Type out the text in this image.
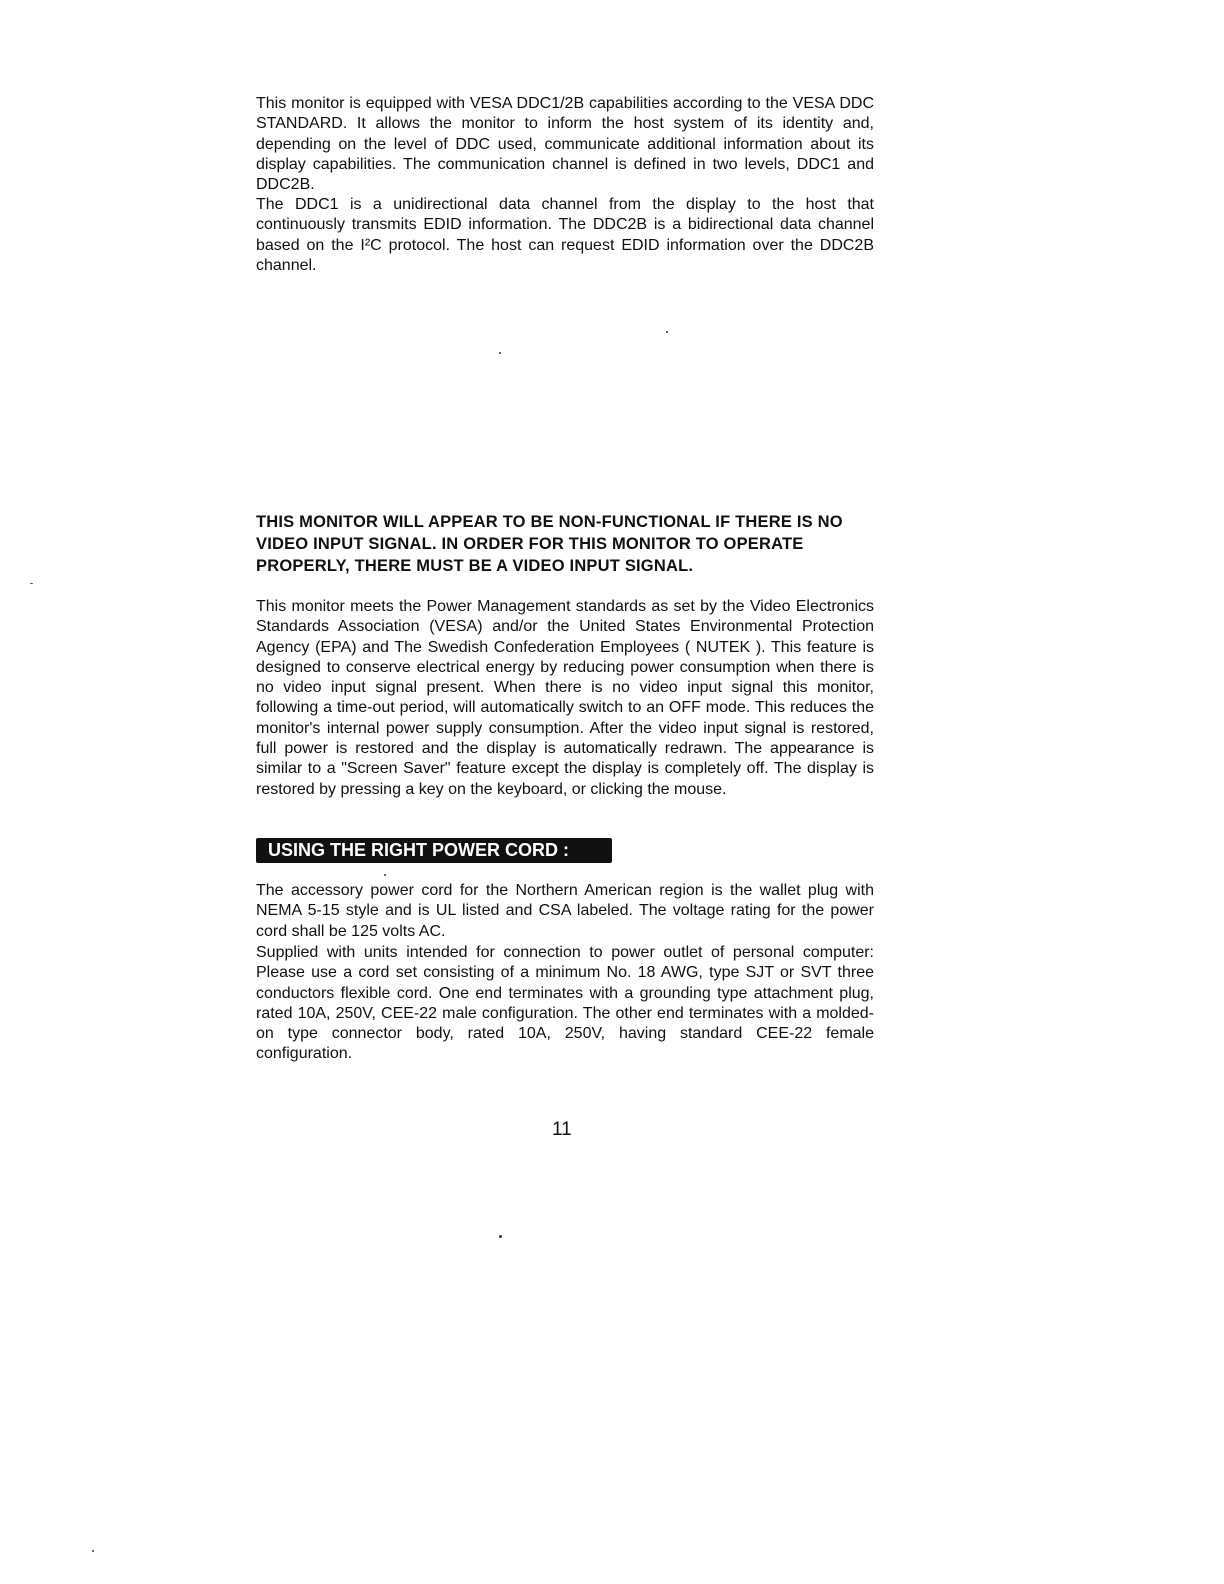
This monitor is equipped with VESA DDC1/2B capabilities according to the VESA DDC STANDARD. It allows the monitor to inform the host system of its identity and, depending on the level of DDC used, communicate additional information about its display capabilities. The communication channel is defined in two levels, DDC1 and DDC2B.

The DDC1 is a unidirectional data channel from the display to the host that continuously transmits EDID information. The DDC2B is a bidirectional data channel based on the I²C protocol. The host can request EDID information over the DDC2B channel.

THIS MONITOR WILL APPEAR TO BE NON-FUNCTIONAL IF THERE IS NO VIDEO INPUT SIGNAL. IN ORDER FOR THIS MONITOR TO OPERATE PROPERLY, THERE MUST BE A VIDEO INPUT SIGNAL.

This monitor meets the Power Management standards as set by the Video Electronics Standards Association (VESA) and/or the United States Environmental Protection Agency (EPA) and The Swedish Confederation Employees ( NUTEK ). This feature is designed to conserve electrical energy by reducing power consumption when there is no video input signal present. When there is no video input signal this monitor, following a time-out period, will automatically switch to an OFF mode. This reduces the monitor's internal power supply consumption. After the video input signal is restored, full power is restored and the display is automatically redrawn. The appearance is similar to a "Screen Saver" feature except the display is completely off. The display is restored by pressing a key on the keyboard, or clicking the mouse.

USING THE RIGHT POWER CORD :

The accessory power cord for the Northern American region is the wallet plug with NEMA 5-15 style and is UL listed and CSA labeled. The voltage rating for the power cord shall be 125 volts AC.

Supplied with units intended for connection to power outlet of personal computer: Please use a cord set consisting of a minimum No. 18 AWG, type SJT or SVT three conductors flexible cord. One end terminates with a grounding type attachment plug, rated 10A, 250V, CEE-22 male configuration. The other end terminates with a molded-on type connector body, rated 10A, 250V, having standard CEE-22 female configuration.

11
